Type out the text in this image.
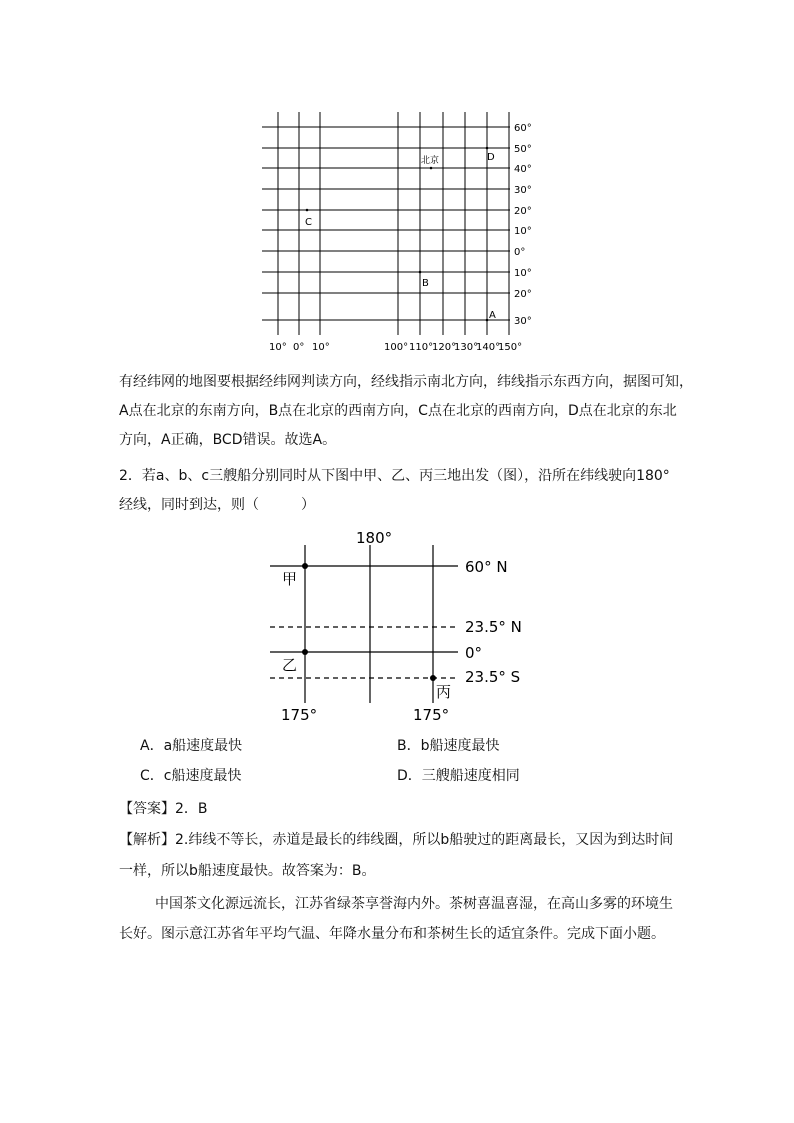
60°
50°
40°
30°
20°
10°
0°
10°
20°
30°
10° 0° 10°	100° 110°
120°
130°
140°
150°
北京	D
C
B
A

有经纬网的地图要根据经纬网判读方向，经线指示南北方向，纬线指示东西方向，据图可知，

A点在北京的东南方向，B点在北京的西南方向，C点在北京的西南方向，D点在北京的东北

方向，A正确，BCD错误。故选A。

2．若a、b、c三艘船分别同时从下图中甲、乙、丙三地出发（图），沿所在纬线驶向180°

经线，同时到达，则（　　　）

180°
60° N
23.5° N
0°
23.5° S
175°	175°
甲
乙
丙
A．a船速度最快	B．b船速度最快
C．c船速度最快	D．三艘船速度相同

【答案】2．B

【解析】2.纬线不等长，赤道是最长的纬线圈，所以b船驶过的距离最长，又因为到达时间

一样，所以b船速度最快。故答案为：B。

中国茶文化源远流长，江苏省绿茶享誉海内外。茶树喜温喜湿，在高山多雾的环境生

长好。图示意江苏省年平均气温、年降水量分布和茶树生长的适宜条件。完成下面小题。
